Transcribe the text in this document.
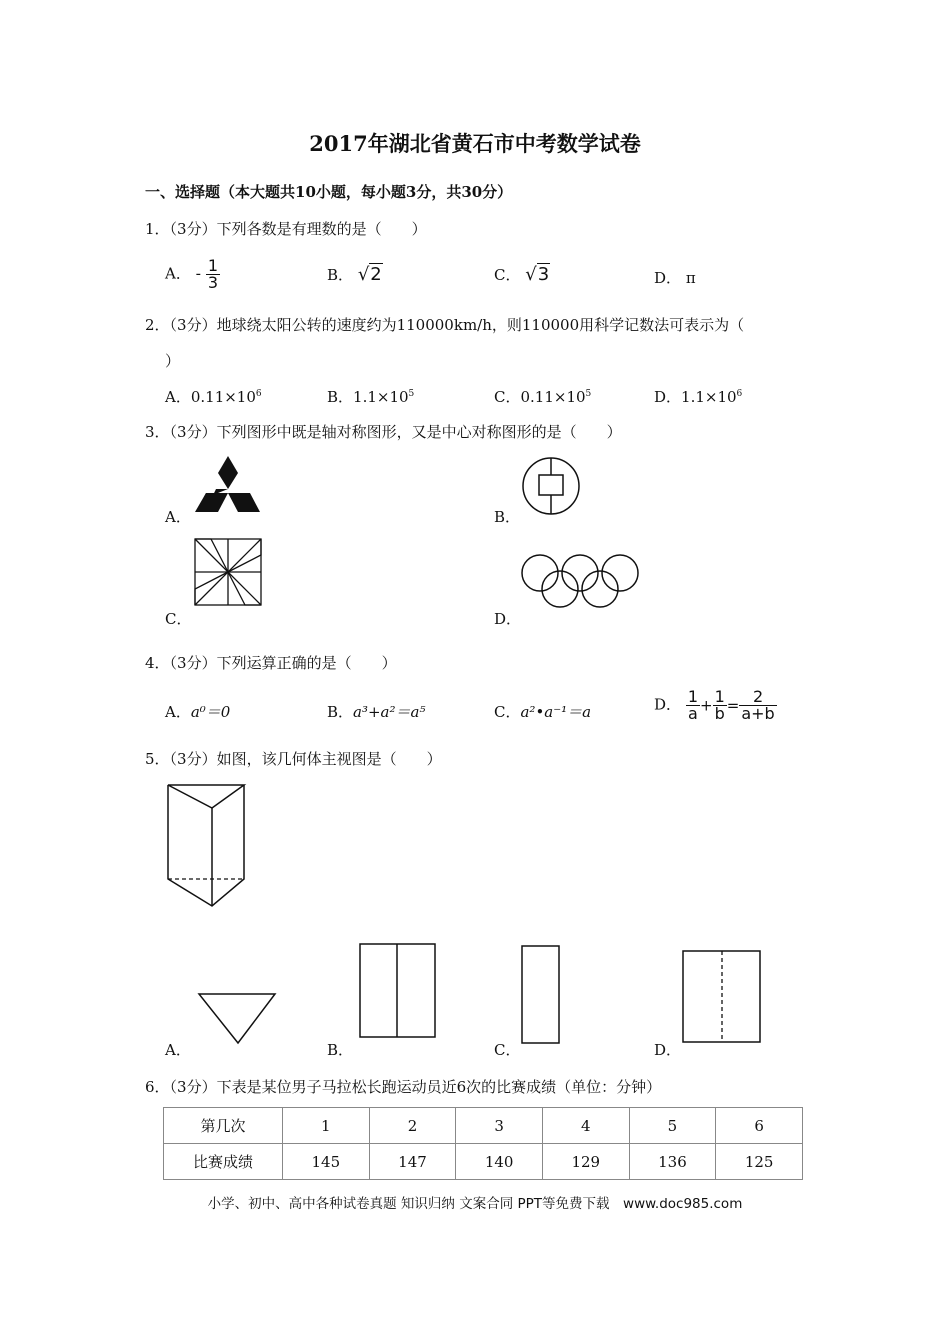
2017年湖北省黄石市中考数学试卷
一、选择题（本大题共10小题，每小题3分，共30分）
1．（3分）下列各数是有理数的是（　　）
A． - $\frac{1}{3}$	B． √2	C． √3	D． π
2．（3分）地球绕太阳公转的速度约为110000km/h，则110000用科学记数法可表示为（
）
A．$0.11\times 10^6$	B．$1.1\times 10^5$	C．$0.11\times 10^5$	D．$1.1\times 10^6$
3．（3分）下列图形中既是轴对称图形，又是中心对称图形的是（　　）
A．	B．
C．	D．
4．（3分）下列运算正确的是（　　）
A．a⁰＝0	B．a³+a²＝a⁵	C．a²•a⁻¹＝a	D． $\frac{1}{a} + \frac{1}{b} = \frac{2}{a+b}$
5．（3分）如图，该几何体主视图是（　　）
A．	B．	C．	D．
6．（3分）下表是某位男子马拉松长跑运动员近6次的比赛成绩（单位：分钟）
第几次	1	2	3	4	5	6
比赛成绩	145	147	140	129	136	125
小学、初中、高中各种试卷真题 知识归纳 文案合同 PPT等免费下载　www.doc985.com
